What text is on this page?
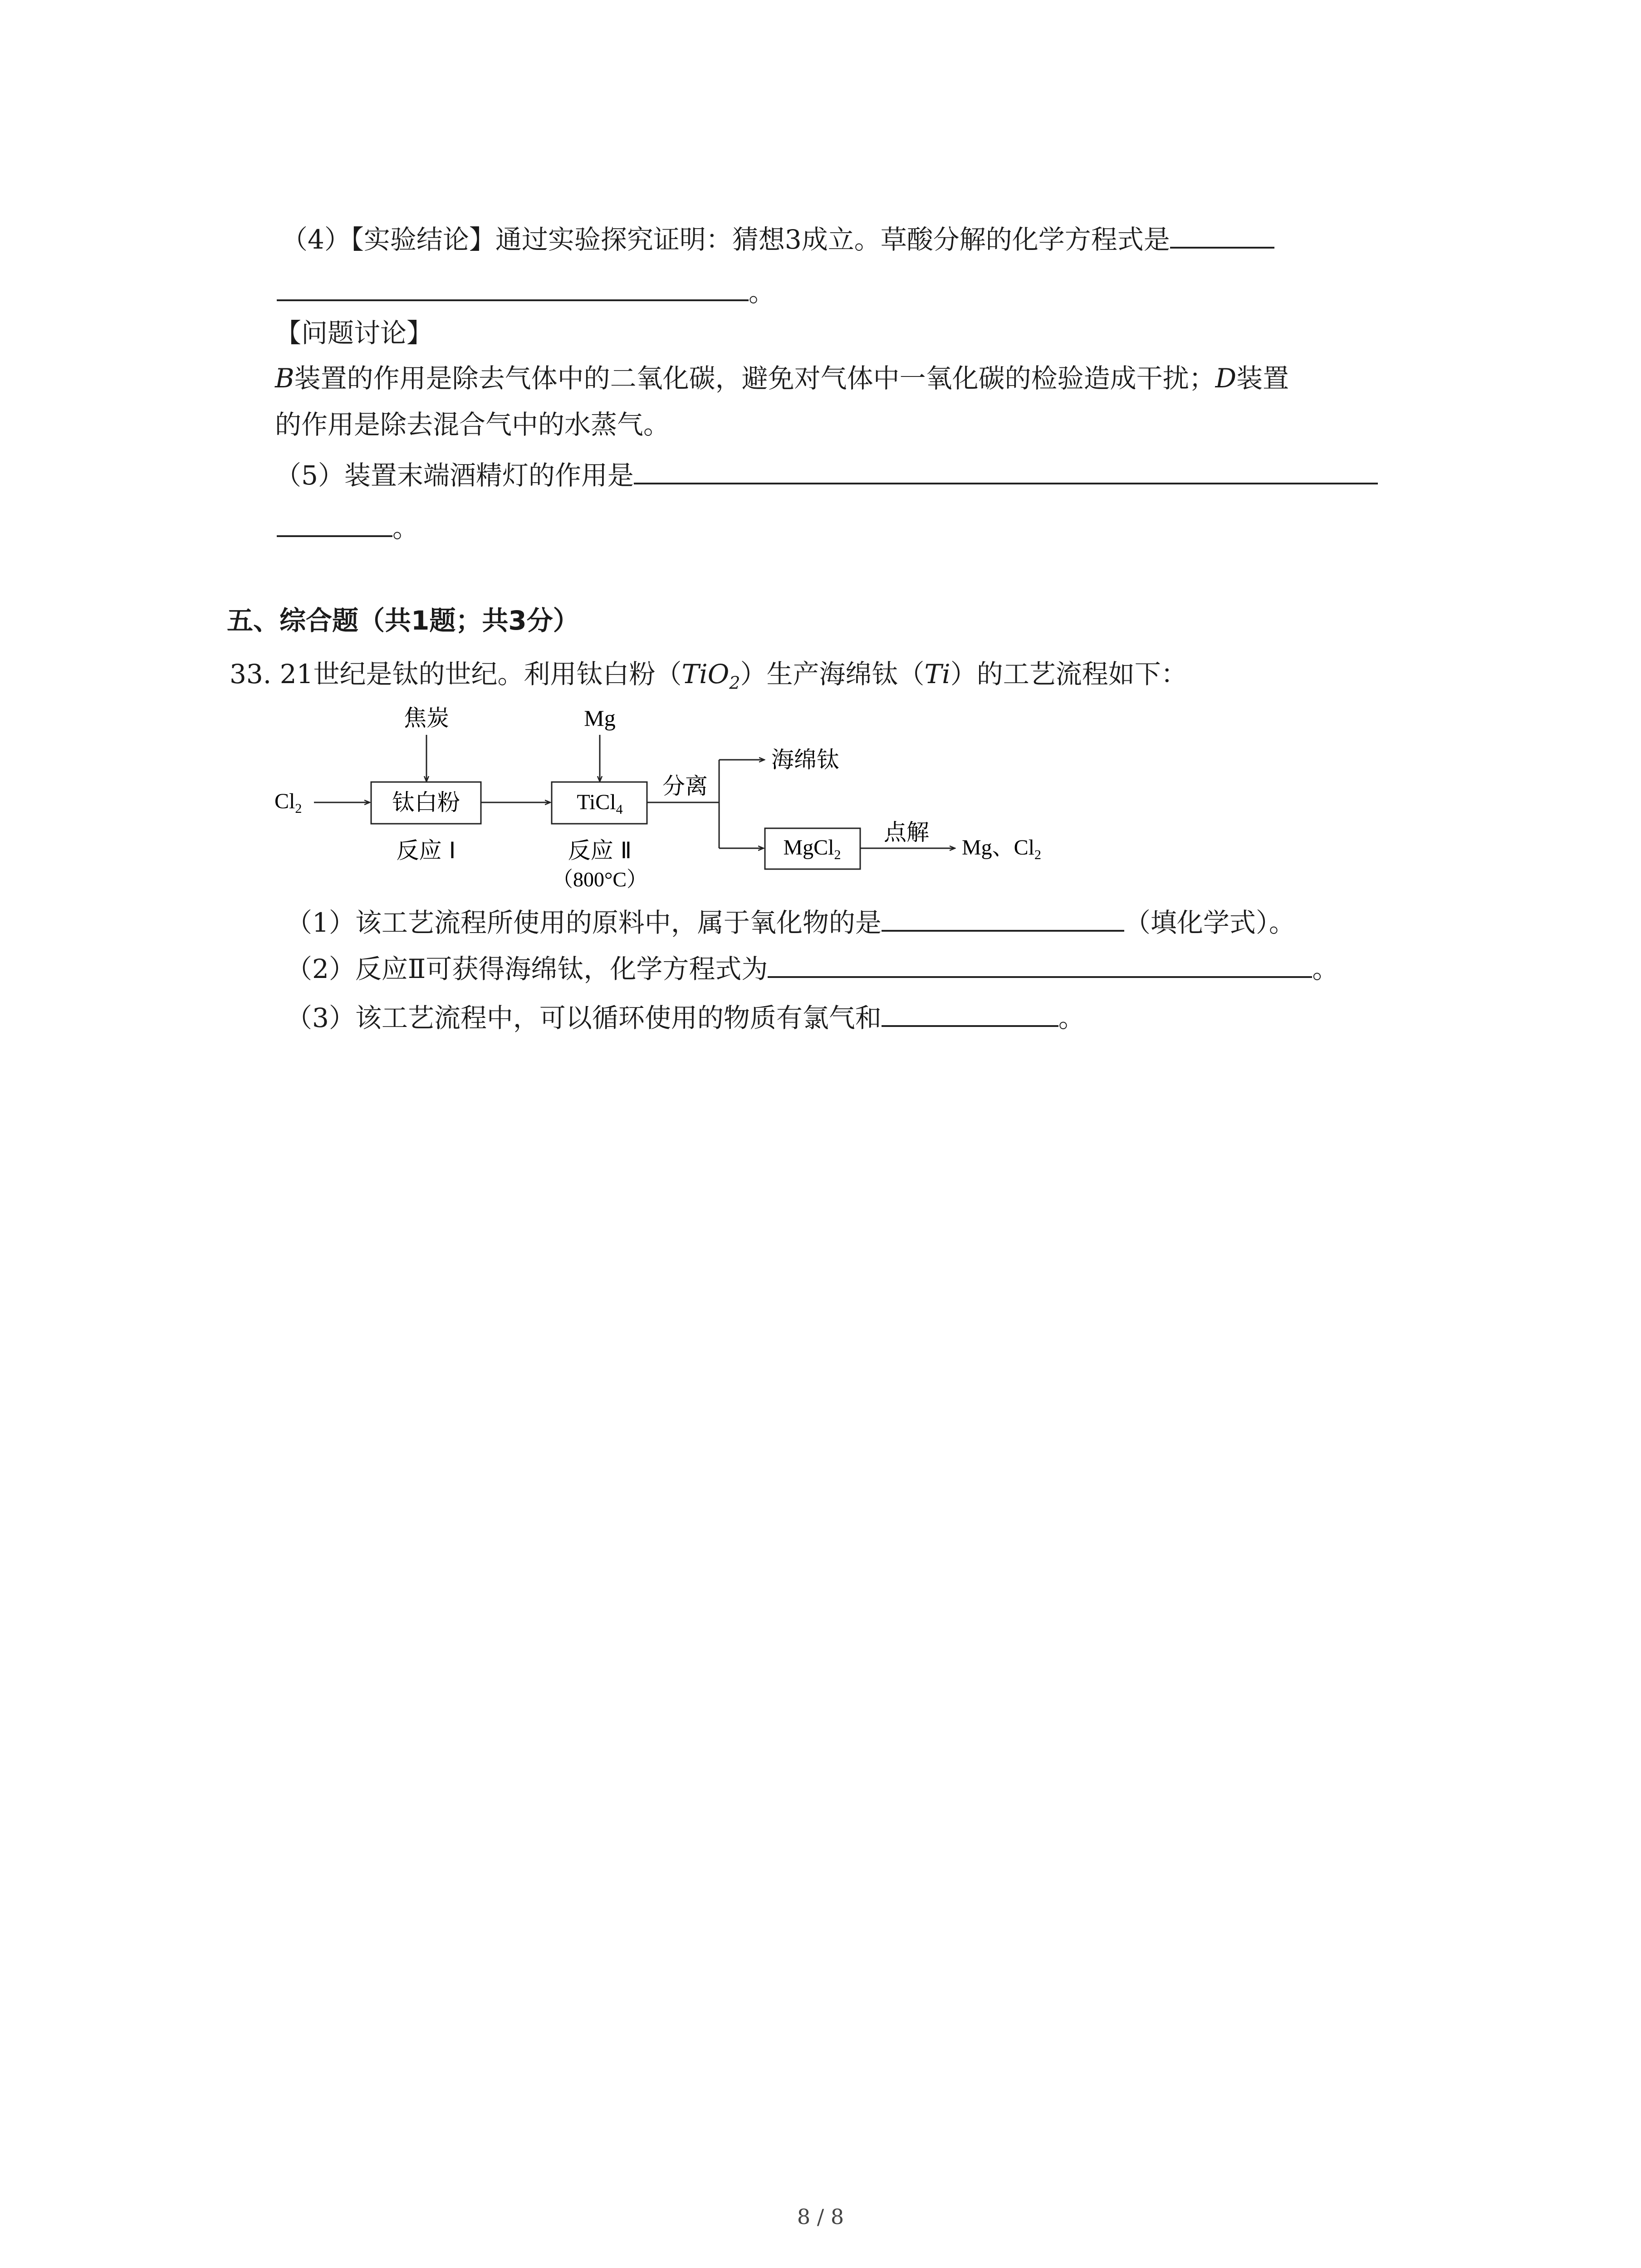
（4）【实验结论】通过实验探究证明：猜想3成立。草酸分解的化学方程式是
。
【问题讨论】
B装置的作用是除去气体中的二氧化碳，避免对气体中一氧化碳的检验造成干扰；D装置
的作用是除去混合气中的水蒸气。
（5）装置末端酒精灯的作用是
。
五、综合题（共1题；共3分）
33. 21世纪是钛的世纪。利用钛白粉（TiO$_2$）生产海绵钛（Ti）的工艺流程如下：
焦炭	Mg
$Cl_2$	钛白粉	TiCl$_4$
分离
海绵钛
MgCl$_2$
点解
Mg、$Cl_2$
反应 Ⅰ	反应 Ⅱ
（800°C）
（1）该工艺流程所使用的原料中，属于氧化物的是	（填化学式）。
（2）反应Ⅱ可获得海绵钛，化学方程式为	。
（3）该工艺流程中，可以循环使用的物质有氯气和	。
8 / 8
